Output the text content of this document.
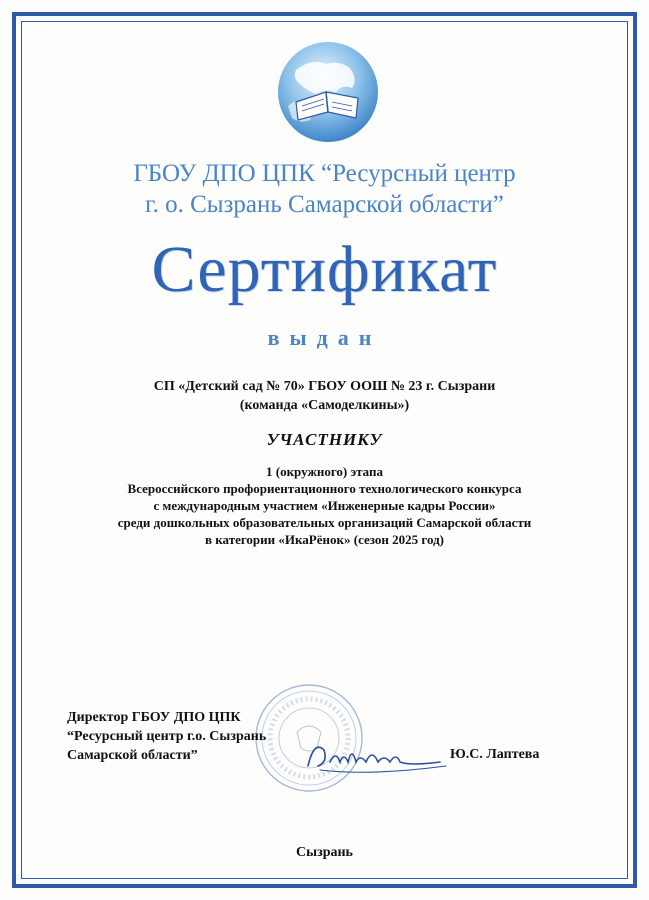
ГБОУ ДПО ЦПК “Ресурсный центр
г. о. Сызрань Самарской области”
Сертификат
выдан
СП «Детский сад № 70» ГБОУ ООШ № 23 г. Сызрани
(команда «Самоделкины»)
УЧАСТНИКУ
1 (окружного) этапа
Всероссийского профориентационного технологического конкурса
с международным участием «Инженерные кадры России»
среди дошкольных образовательных организаций Самарской области
в категории «ИкаРёнок» (сезон 2025 год)
Директор ГБОУ ДПО ЦПК
“Ресурсный центр г.о. Сызрань
Самарской области”	Ю.С. Лаптева
Сызрань
